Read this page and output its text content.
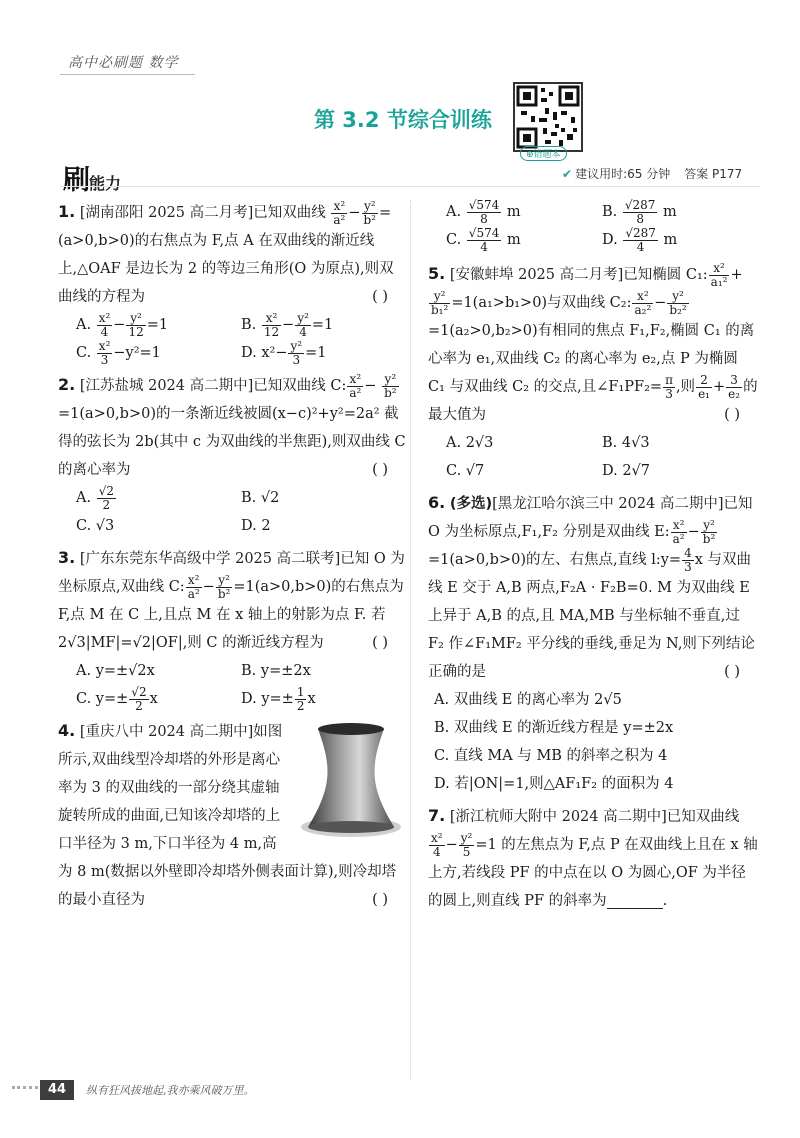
高中必刷题 数学
第 3.2 节综合训练
⊕错题本
刷能力	✔ 建议用时:65 分钟 答案 P177
1. [湖南邵阳 2025 高二月考]已知双曲线 $\frac{\text{x²}}{\text{a²}} - \frac{\text{y²}}{\text{b²}} = (a>0,b>0)$的右焦点为 F,点 A 在双曲线的渐近线上,△OAF 是边长为 2 的等边三角形(O 为原点),则双曲线的方程为	( )
A. $\frac{\text{x²}}{4} - \frac{\text{y²}}{12} =1$	B. $\frac{\text{x²}}{12} - \frac{\text{y²}}{4} =1$
C. $\frac{\text{x²}}{3} -y^2=1$	D. $x^2- \frac{\text{y²}}{3} =1$
2. [江苏盐城 2024 高二期中]已知双曲线 C: $\frac{\text{x²}}{\text{a²}} - \frac{\text{y²}}{\text{b²}}$
=1(a>0,b>0)的一条渐近线被圆(x−c)²+y²=2a² 截得的弦长为 2b(其中 c 为双曲线的半焦距),则双曲线 C 的离心率为	( )
A. $\frac{√2}{2}$	B. √2
C. √3	D. 2
3. [广东东莞东华高级中学 2025 高二联考]已知 O 为坐标原点,双曲线 C: $\frac{\text{x²}}{\text{a²}} - \frac{\text{y²}}{\text{b²}} =1(a>0,b>0)$的右焦点为 F,点 M 在 C 上,且点 M 在 x 轴上的射影为点 F. 若 2√3|MF|=√2|OF|,则 C 的渐近线方程为	( )
A. y=±√2x	B. y=±2x
C. $y=\pm \frac{√2}{2}$ x	D. $y=\pm \frac{1}{2}$ x
4. [重庆八中 2024 高二期中]如图所示,双曲线型冷却塔的外形是离心率为 3 的双曲线的一部分绕其虚轴旋转所成的曲面,已知该冷却塔的上口半径为 3 m,下口半径为 4 m,高为 8 m(数据以外壁即冷却塔外侧表面计算),则冷却塔的最小直径为	( )
A. $\frac{√574}{8}$ m	B. $\frac{√287}{8}$ m
C. $\frac{√574}{4}$ m	D. $\frac{√287}{4}$ m
5. [安徽蚌埠 2025 高二月考]已知椭圆 C₁: $\frac{\text{x²}}{\text{a₁²}}$ +
$\frac{\text{y²}}{\text{b₁²}} =1(a_1>b_1>0)$与双曲线 C₂: $\frac{\text{x²}}{\text{a₂²}} - \frac{\text{y²}}{\text{b₂²}}$
=1(a₂>0,b₂>0)有相同的焦点 F₁,F₂,椭圆 C₁ 的离心率为 e₁,双曲线 C₂ 的离心率为 e₂,点 P 为椭圆 C₁ 与双曲线 C₂ 的交点,且∠F₁PF₂= $\frac{\pi}{3}$ ,则 $\frac{2}{\text{e₁}} + \frac{3}{\text{e₂}}$ 的最大值为	( )
A. 2√3	B. 4√3
C. √7	D. 2√7
6. (多选)[黑龙江哈尔滨三中 2024 高二期中]已知 O 为坐标原点,F₁,F₂ 分别是双曲线 E: $\frac{\text{x²}}{\text{a²}} - \frac{\text{y²}}{\text{b²}}$
=1(a>0,b>0)的左、右焦点,直线 l:y= $\frac{4}{3}$ x 与双曲线 E 交于 A,B 两点,F₂A · F₂B=0. M 为双曲线 E 上异于 A,B 的点,且 MA,MB 与坐标轴不垂直,过 F₂ 作∠F₁MF₂ 平分线的垂线,垂足为 N,则下列结论正确的是	( )
A. 双曲线 E 的离心率为 2√5
B. 双曲线 E 的渐近线方程是 y=±2x
C. 直线 MA 与 MB 的斜率之积为 4
D. 若|ON|=1,则△AF₁F₂ 的面积为 4
7. [浙江杭师大附中 2024 高二期中]已知双曲线
$\frac{\text{x²}}{4} - \frac{\text{y²}}{5} =1$ 的左焦点为 F,点 P 在双曲线上且在 x 轴上方,若线段 PF 的中点在以 O 为圆心,OF 为半径的圆上,则直线 PF 的斜率为	.
44	纵有狂风拔地起,我亦乘风破万里。
